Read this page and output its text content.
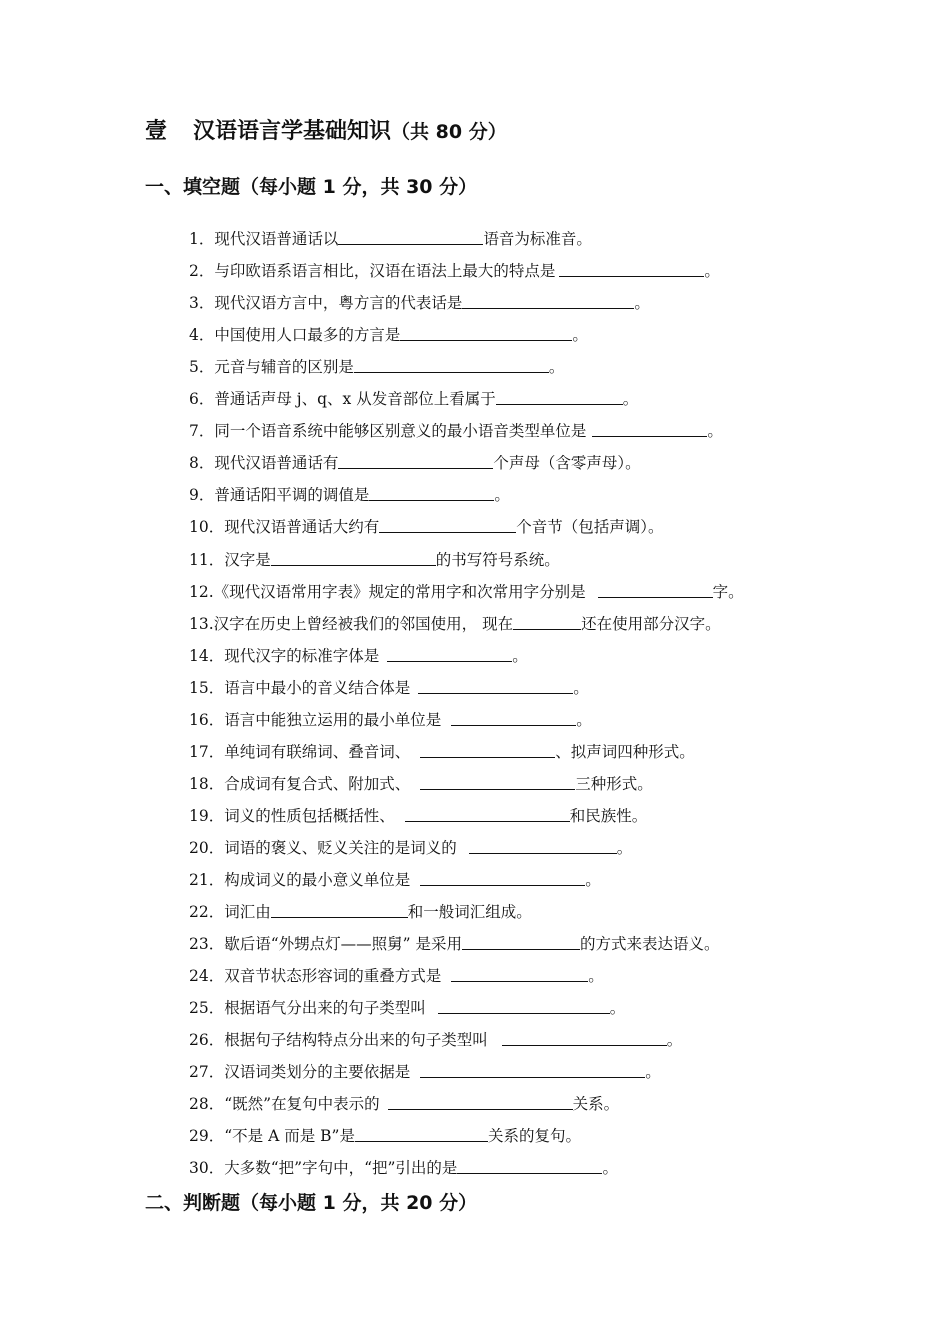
壹 汉语语言学基础知识（共 80 分）
一、填空题（每小题 1 分，共 30 分）
1．现代汉语普通话以	语音为标准音。
2．与印欧语系语言相比，汉语在语法上最大的特点是	。
3．现代汉语方言中，粤方言的代表话是	。
4．中国使用人口最多的方言是	。
5．元音与辅音的区别是	。
6．普通话声母 j、q、x 从发音部位上看属于	。
7．同一个语音系统中能够区别意义的最小语音类型单位是	。
8．现代汉语普通话有	个声母（含零声母）。
9．普通话阳平调的调值是	。
10．现代汉语普通话大约有	个音节（包括声调）。
11．汉字是	的书写符号系统。
12.《现代汉语常用字表》规定的常用字和次常用字分别是	字。
13.汉字在历史上曾经被我们的邻国使用， 现在	还在使用部分汉字。
14．现代汉字的标准字体是	。
15．语言中最小的音义结合体是	。
16．语言中能独立运用的最小单位是	。
17．单纯词有联绵词、叠音词、	、拟声词四种形式。
18．合成词有复合式、附加式、	三种形式。
19．词义的性质包括概括性、	和民族性。
20．词语的褒义、贬义关注的是词义的	。
21．构成词义的最小意义单位是	。
22．词汇由	和一般词汇组成。
23．歇后语“外甥点灯——照舅” 是采用	的方式来表达语义。
24．双音节状态形容词的重叠方式是	。
25．根据语气分出来的句子类型叫	。
26．根据句子结构特点分出来的句子类型叫	。
27．汉语词类划分的主要依据是	。
28．“既然”在复句中表示的	关系。
29．“不是 A 而是 B”是	关系的复句。
30．大多数“把”字句中，“把”引出的是	。
二、判断题（每小题 1 分，共 20 分）
